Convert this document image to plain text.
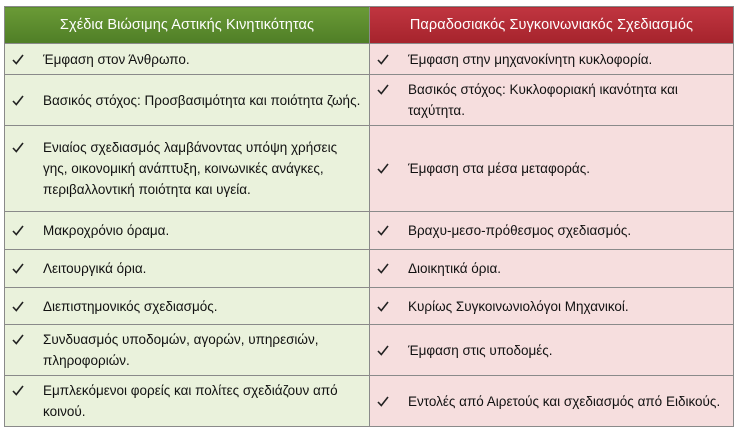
Σχέδια Βιώσιμης Αστικής Κινητικότητας	Παραδοσιακός Συγκοινωνιακός Σχεδιασμός

Έμφαση στον Άνθρωπο.	Έμφαση στην μηχανοκίνητη κυκλοφορία.

Βασικός στόχος: Προσβασιμότητα και ποιότητα ζωής.	Βασικός στόχος: Κυκλοφοριακή ικανότητα και ταχύτητα.

Ενιαίος σχεδιασμός λαμβάνοντας υπόψη χρήσεις γης, οικονομική ανάπτυξη, κοινωνικές ανάγκες, περιβαλλοντική ποιότητα και υγεία.	Έμφαση στα μέσα μεταφοράς.

Μακροχρόνιο όραμα.	Βραχυ-μεσο-πρόθεσμος σχεδιασμός.

Λειτουργικά όρια.	Διοικητικά όρια.

Διεπιστημονικός σχεδιασμός.	Κυρίως Συγκοινωνιολόγοι Μηχανικοί.

Συνδυασμός υποδομών, αγορών, υπηρεσιών, πληροφοριών.	Έμφαση στις υποδομές.

Εμπλεκόμενοι φορείς και πολίτες σχεδιάζουν από κοινού.	Εντολές από Αιρετούς και σχεδιασμός από Ειδικούς.
